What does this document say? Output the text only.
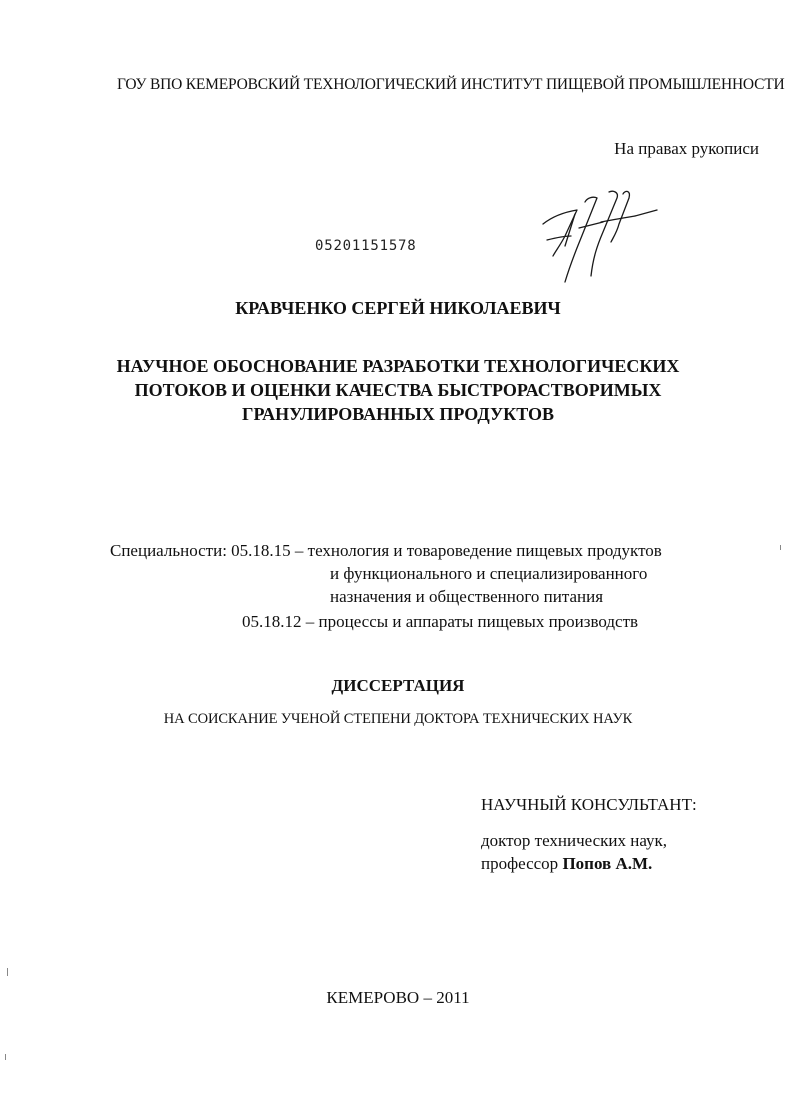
ГОУ ВПО КЕМЕРОВСКИЙ ТЕХНОЛОГИЧЕСКИЙ ИНСТИТУТ ПИЩЕВОЙ ПРОМЫШЛЕННОСТИ
На правах рукописи
05201151578
КРАВЧЕНКО СЕРГЕЙ НИКОЛАЕВИЧ
НАУЧНОЕ ОБОСНОВАНИЕ РАЗРАБОТКИ ТЕХНОЛОГИЧЕСКИХ
ПОТОКОВ И ОЦЕНКИ КАЧЕСТВА БЫСТРОРАСТВОРИМЫХ
ГРАНУЛИРОВАННЫХ ПРОДУКТОВ
Специальности: 05.18.15 – технология и товароведение пищевых продуктов
и функционального и специализированного
назначения и общественного питания
05.18.12 – процессы и аппараты пищевых производств
ДИССЕРТАЦИЯ
НА СОИСКАНИЕ УЧЕНОЙ СТЕПЕНИ ДОКТОРА ТЕХНИЧЕСКИХ НАУК
НАУЧНЫЙ КОНСУЛЬТАНТ:
доктор технических наук,
профессор Попов А.М.
КЕМЕРОВО – 2011
